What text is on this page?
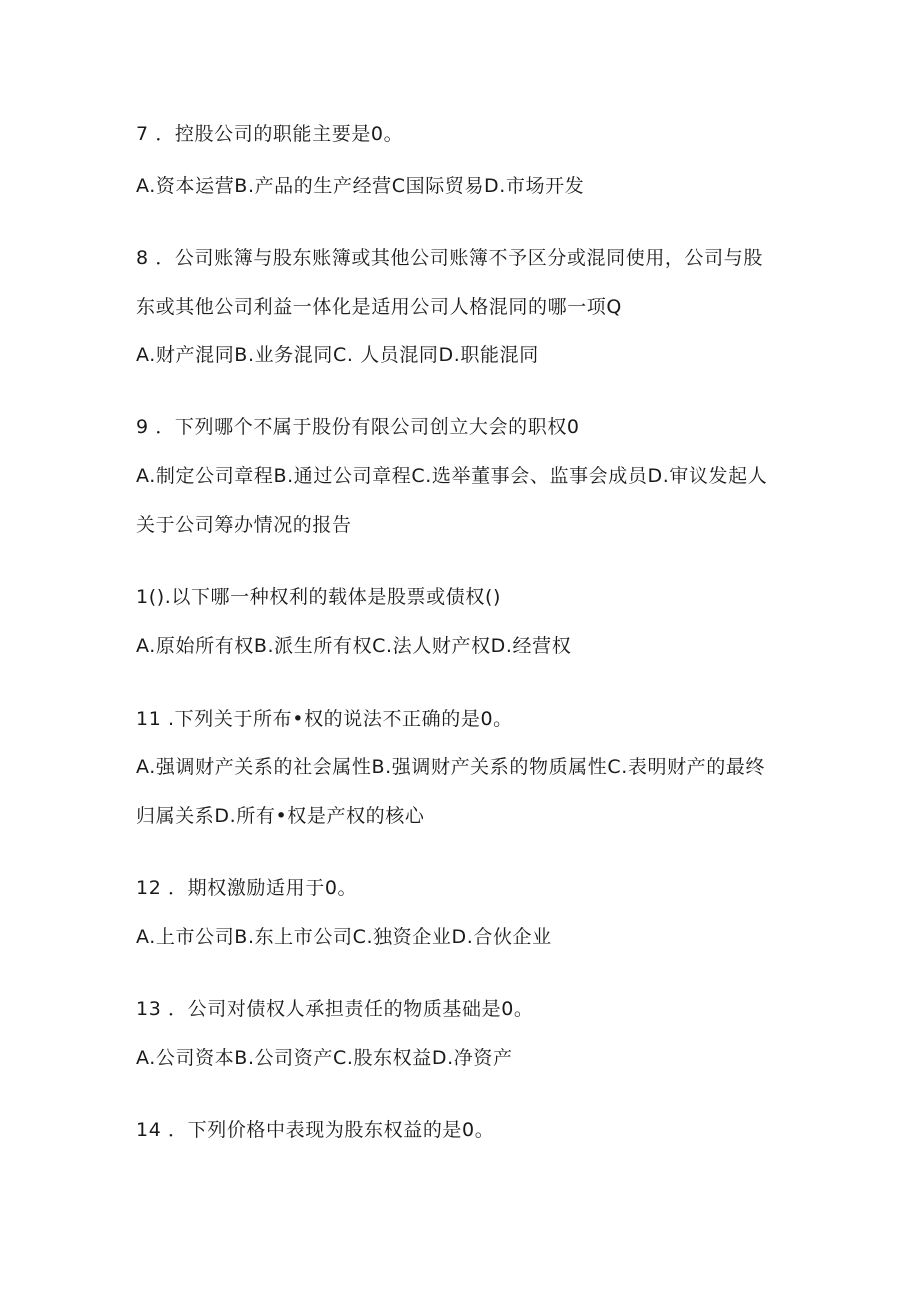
7 ．控股公司的职能主要是0。
A.资本运营B.产品的生产经营C国际贸易D.市场开发
8 ．公司账簿与股东账簿或其他公司账簿不予区分或混同使用，公司与股
东或其他公司利益一体化是适用公司人格混同的哪一项Q
A.财产混同B.业务混同C. 人员混同D.职能混同
9 ．下列哪个不属于股份有限公司创立大会的职权0
A.制定公司章程B.通过公司章程C.选举董事会、监事会成员D.审议发起人
关于公司筹办情况的报告
1().以下哪一种权利的载体是股票或债权()
A.原始所有权B.派生所有权C.法人财产权D.经营权
11 .下列关于所布•权的说法不正确的是0。
A.强调财产关系的社会属性B.强调财产关系的物质属性C.表明财产的最终
归属关系D.所有•权是产权的核心
12 ．期权激励适用于0。
A.上市公司B.东上市公司C.独资企业D.合伙企业
13 ．公司对债权人承担责任的物质基础是0。
A.公司资本B.公司资产C.股东权益D.净资产
14 ．下列价格中表现为股东权益的是0。
